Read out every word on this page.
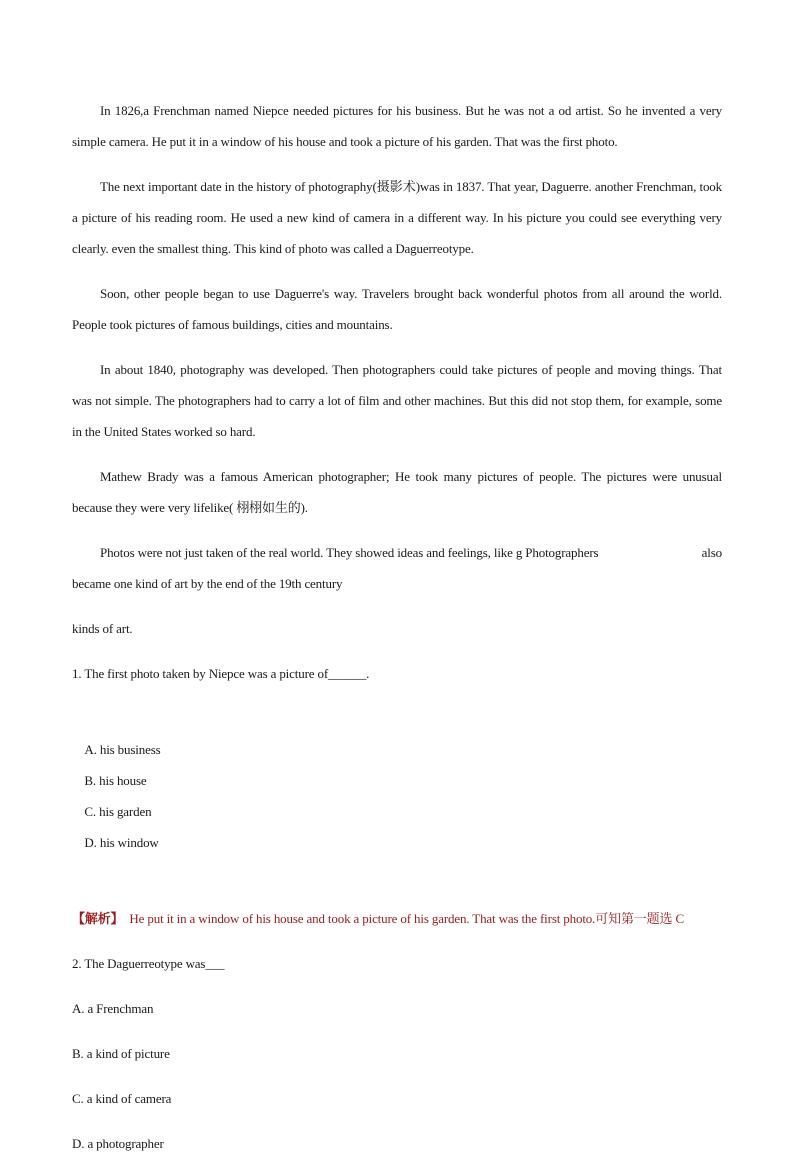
In 1826,a Frenchman named Niepce needed pictures for his business. But he was not a od artist. So he invented a very simple camera. He put it in a window of his house and took a picture of his garden. That was the first photo.

The next important date in the history of photography(摄影术)was in 1837. That year, Daguerre. another Frenchman, took a picture of his reading room. He used a new kind of camera in a different way. In his picture you could see everything very clearly. even the smallest thing. This kind of photo was called a Daguerreotype.

Soon, other people began to use Daguerre's way. Travelers brought back wonderful photos from all around the world. People took pictures of famous buildings, cities and mountains.

In about 1840, photography was developed. Then photographers could take pictures of people and moving things. That was not simple. The photographers had to carry a lot of film and other machines. But this did not stop them, for example, some in the United States worked so hard.

Mathew Brady was a famous American photographer; He took many pictures of people. The pictures were unusual because they were very lifelike( 栩栩如生的).

Photos were not just taken of the real world. They showed ideas and feelings, like g Photographers	also
became one kind of art by the end of the 19th century

kinds of art.

1. The first photo taken by Niepce was a picture of______.

A. his business
B. his house
C. his garden
D. his window

【解析】 He put it in a window of his house and took a picture of his garden. That was the first photo.可知第一题选 C

2. The Daguerreotype was___

A. a Frenchman

B. a kind of picture

C. a kind of camera

D. a photographer
